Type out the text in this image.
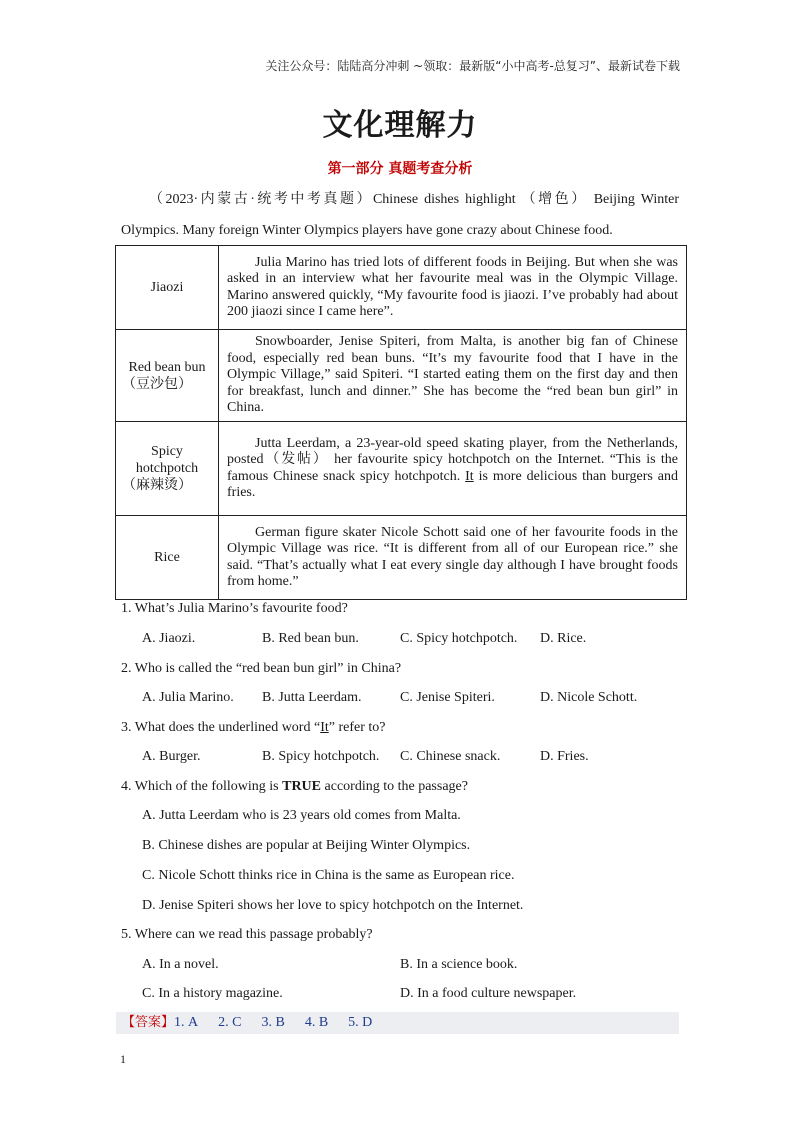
关注公众号：陆陆高分冲刺 ~领取：最新版“小中高考-总复习”、最新试卷下载
文化理解力
第一部分 真题考查分析
（2023·内蒙古·统考中考真题）Chinese dishes highlight （增色） Beijing Winter Olympics. Many foreign Winter Olympics players have gone crazy about Chinese food.
Jiaozi	Julia Marino has tried lots of different foods in Beijing. But when she was asked in an interview what her favourite meal was in the Olympic Village. Marino answered quickly, “My favourite food is jiaozi. I’ve probably had about 200 jiaozi since I came here”.
Red bean bun
（豆沙包）	Snowboarder, Jenise Spiteri, from Malta, is another big fan of Chinese food, especially red bean buns. “It’s my favourite food that I have in the Olympic Village,” said Spiteri. “I started eating them on the first day and then for breakfast, lunch and dinner.” She has become the “red bean bun girl” in China.
Spicy hotchpotch
（麻辣烫）	Jutta Leerdam, a 23-year-old speed skating player, from the Netherlands, posted（发帖） her favourite spicy hotchpotch on the Internet. “This is the famous Chinese snack spicy hotchpotch. It is more delicious than burgers and fries.
Rice	German figure skater Nicole Schott said one of her favourite foods in the Olympic Village was rice. “It is different from all of our European rice.” she said. “That’s actually what I eat every single day although I have brought foods from home.”
1. What’s Julia Marino’s favourite food?
A. Jiaozi.	B. Red bean bun.	C. Spicy hotchpotch. D. Rice.
2. Who is called the “red bean bun girl” in China?
A. Julia Marino. B. Jutta Leerdam.	C. Jenise Spiteri.	D. Nicole Schott.
3. What does the underlined word “It” refer to?
A. Burger.	B. Spicy hotchpotch. C. Chinese snack.	D. Fries.
4. Which of the following is TRUE according to the passage?
A. Jutta Leerdam who is 23 years old comes from Malta.
B. Chinese dishes are popular at Beijing Winter Olympics.
C. Nicole Schott thinks rice in China is the same as European rice.
D. Jenise Spiteri shows her love to spicy hotchpotch on the Internet.
5. Where can we read this passage probably?
A. In a novel.	B. In a science book.
C. In a history magazine.	D. In a food culture newspaper.
【答案】1. A 2. C 3. B 4. B 5. D
1
